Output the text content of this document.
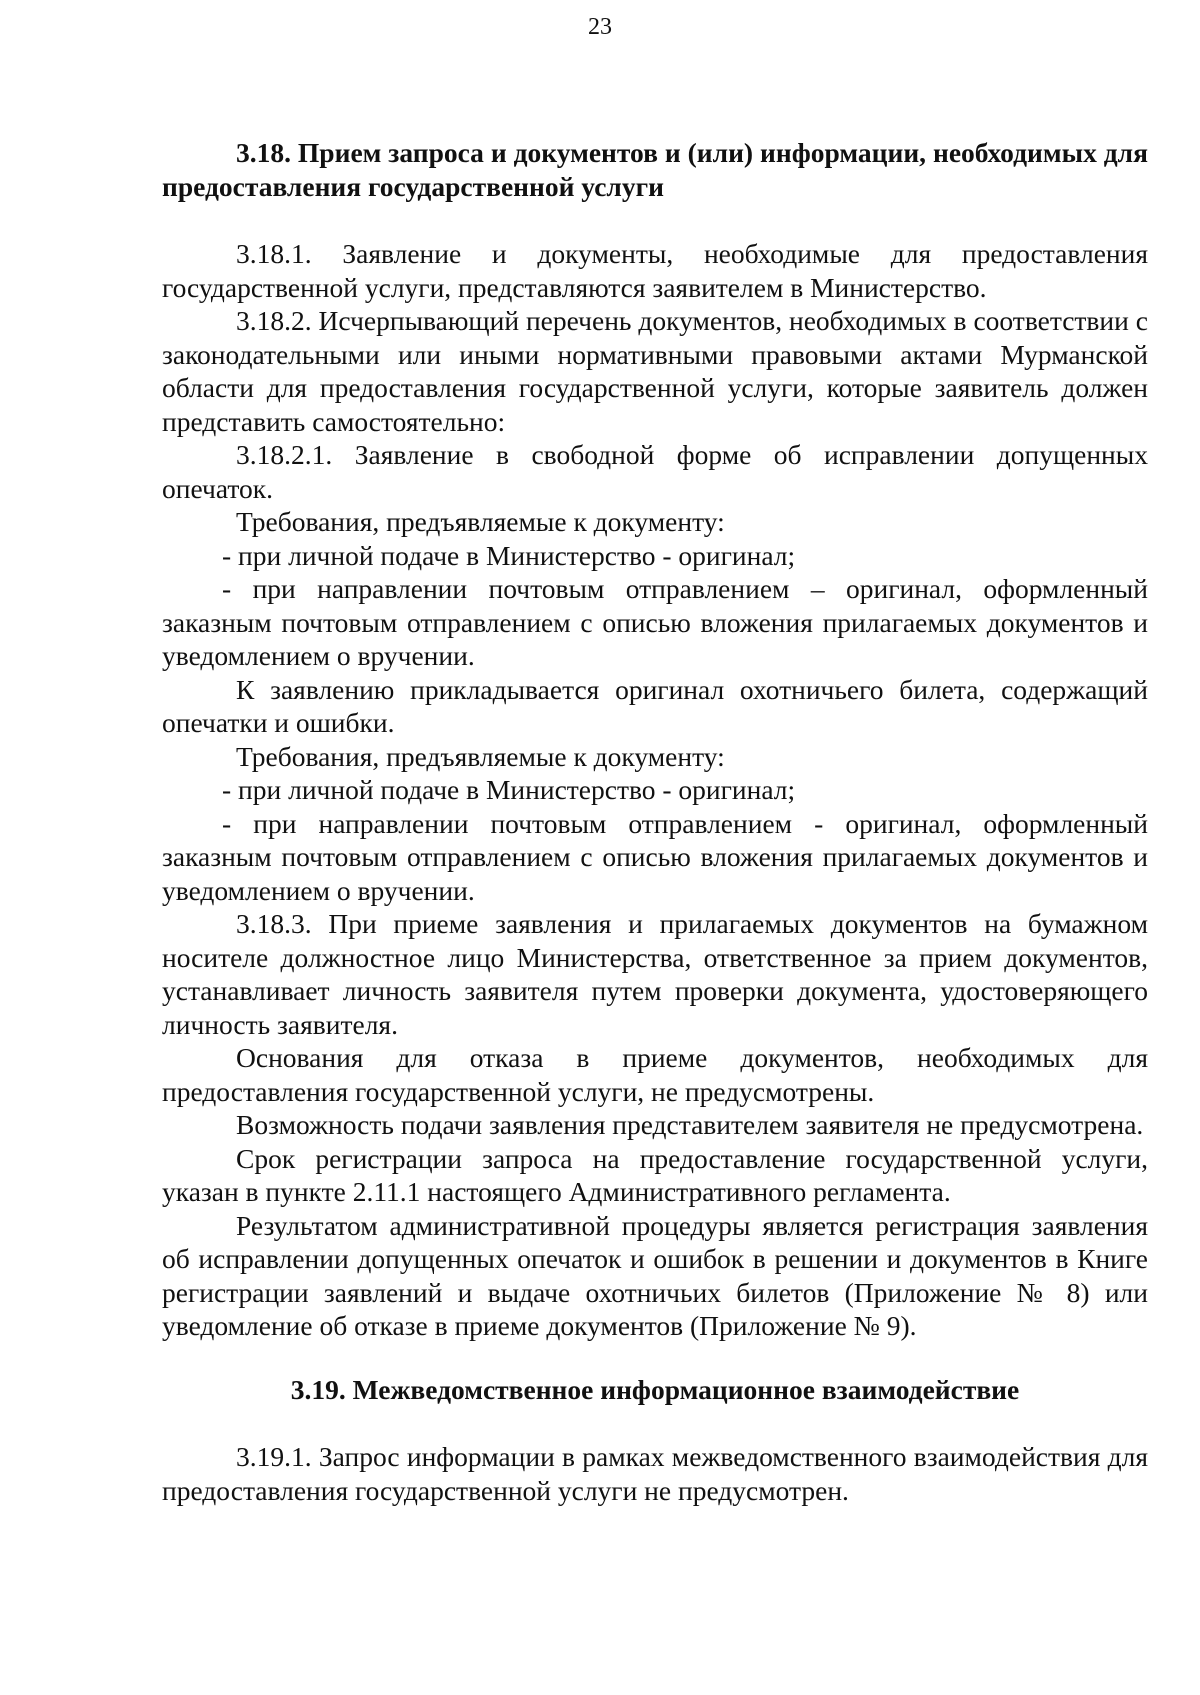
23

3.18. Прием запроса и документов и (или) информации, необходимых для предоставления государственной услуги

3.18.1. Заявление и документы, необходимые для предоставления государственной услуги, представляются заявителем в Министерство.

3.18.2. Исчерпывающий перечень документов, необходимых в соответствии с законодательными или иными нормативными правовыми актами Мурманской области для предоставления государственной услуги, которые заявитель должен представить самостоятельно:

3.18.2.1. Заявление в свободной форме об исправлении допущенных опечаток.

Требования, предъявляемые к документу:

- при личной подаче в Министерство - оригинал;

- при направлении почтовым отправлением – оригинал, оформленный заказным почтовым отправлением с описью вложения прилагаемых документов и уведомлением о вручении.

К заявлению прикладывается оригинал охотничьего билета, содержащий опечатки и ошибки.

Требования, предъявляемые к документу:

- при личной подаче в Министерство - оригинал;

- при направлении почтовым отправлением - оригинал, оформленный заказным почтовым отправлением с описью вложения прилагаемых документов и уведомлением о вручении.

3.18.3. При приеме заявления и прилагаемых документов на бумажном носителе должностное лицо Министерства, ответственное за прием документов, устанавливает личность заявителя путем проверки документа, удостоверяющего личность заявителя.

Основания для отказа в приеме документов, необходимых для предоставления государственной услуги, не предусмотрены.

Возможность подачи заявления представителем заявителя не предусмотрена.

Срок регистрации запроса на предоставление государственной услуги, указан в пункте 2.11.1 настоящего Административного регламента.

Результатом административной процедуры является регистрация заявления об исправлении допущенных опечаток и ошибок в решении и документов в Книге регистрации заявлений и выдаче охотничьих билетов (Приложение № 8) или уведомление об отказе в приеме документов (Приложение № 9).

3.19. Межведомственное информационное взаимодействие

3.19.1. Запрос информации в рамках межведомственного взаимодействия для предоставления государственной услуги не предусмотрен.
